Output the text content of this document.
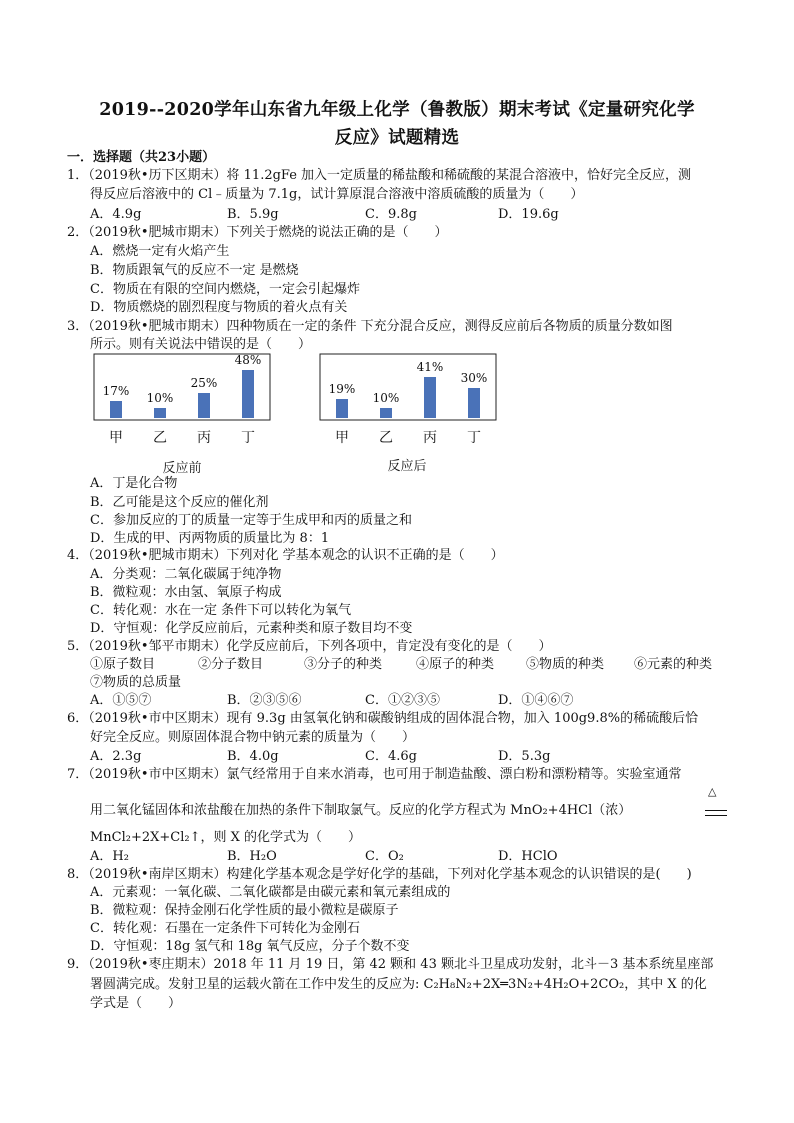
2019--2020学年山东省九年级上化学（鲁教版）期末考试《定量研究化学
反应》试题精选
一．选择题（共23小题）
1．（2019秋•历下区期末）将 11.2gFe 加入一定质量的稀盐酸和稀硫酸的某混合溶液中，恰好完全反应，测
得反应后溶液中的 Cl﹣质量为 7.1g，试计算原混合溶液中溶质硫酸的质量为（　　）
A．4.9g	B．5.9g	C．9.8g	D．19.6g
2．（2019秋•肥城市期末）下列关于燃烧的说法正确的是（　　）
A．燃烧一定有火焰产生
B．物质跟氧气的反应不一定 是燃烧
C．物质在有限的空间内燃烧，一定会引起爆炸
D．物质燃烧的剧烈程度与物质的着火点有关
3．（2019秋•肥城市期末）四种物质在一定的条件 下充分混合反应，测得反应前后各物质的质量分数如图
所示。则有关说法中错误的是（　　）
17%
甲
10%
乙
25%
丙
48%
丁
反应前
19%
甲
10%
乙
41%
丙
30%
丁
反应后
A．丁是化合物
B．乙可能是这个反应的催化剂
C．参加反应的丁的质量一定等于生成甲和丙的质量之和
D．生成的甲、丙两物质的质量比为 8：1
4．（2019秋•肥城市期末）下列对化 学基本观念的认识不正确的是（　　）
A．分类观：二氧化碳属于纯净物
B．微粒观：水由氢、氧原子构成
C．转化观：水在一定 条件下可以转化为氧气
D．守恒观：化学反应前后，元素种类和原子数目均不变
5．（2019秋•邹平市期末）化学反应前后，下列各项中，肯定没有变化的是（　　）
①原子数目	②分子数目	③分子的种类	④原子的种类 ⑤物质的种类 ⑥元素的种类
⑦物质的总质量
A．①⑤⑦	B．②③⑤⑥	C．①②③⑤	D．①④⑥⑦
6．（2019秋•市中区期末）现有 9.3g 由氢氧化钠和碳酸钠组成的固体混合物，加入 100g9.8%的稀硫酸后恰
好完全反应。则原固体混合物中钠元素的质量为（　　）
A．2.3g	B．4.0g	C．4.6g	D．5.3g
7．（2019秋•市中区期末）氯气经常用于自来水消毒，也可用于制造盐酸、漂白粉和漂粉精等。实验室通常
△
用二氧化锰固体和浓盐酸在加热的条件下制取氯气。反应的化学方程式为 MnO₂+4HCl（浓）
MnCl₂+2X+Cl₂↑，则 X 的化学式为（　　）
A．H₂	B．H₂O	C．O₂	D．HClO
8．（2019秋•南岸区期末）构建化学基本观念是学好化学的基础，下列对化学基本观念的认识错误的是(　　)
A．元素观：一氧化碳、二氧化碳都是由碳元素和氧元素组成的
B．微粒观：保持金刚石化学性质的最小微粒是碳原子
C．转化观：石墨在一定条件下可转化为金刚石
D．守恒观：18g 氢气和 18g 氧气反应，分子个数不变
9．（2019秋•枣庄期末）2018 年 11 月 19 日，第 42 颗和 43 颗北斗卫星成功发射，北斗－3 基本系统星座部
署圆满完成。发射卫星的运载火箭在工作中发生的反应为: C₂H₈N₂+2X═3N₂+4H₂O+2CO₂，其中 X 的化
学式是（　　）
